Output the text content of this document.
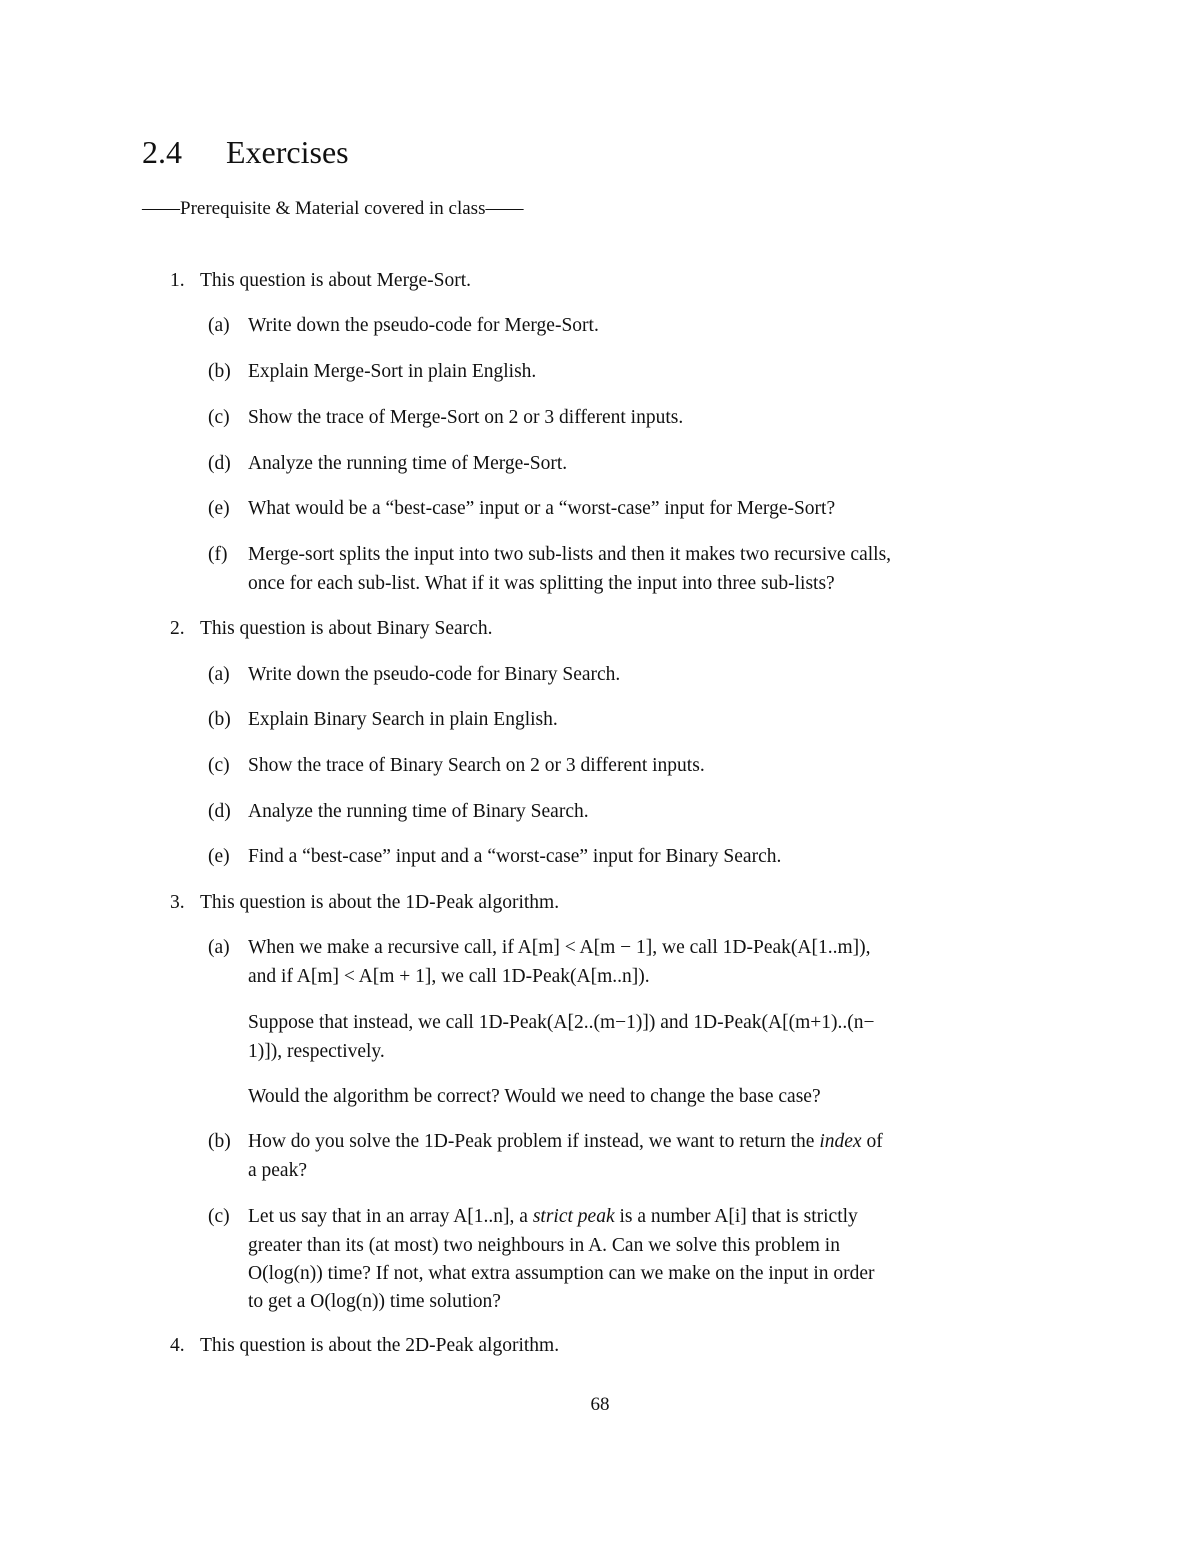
2.4 Exercises
——Prerequisite & Material covered in class——
1. This question is about Merge-Sort.
(a) Write down the pseudo-code for Merge-Sort.
(b) Explain Merge-Sort in plain English.
(c) Show the trace of Merge-Sort on 2 or 3 different inputs.
(d) Analyze the running time of Merge-Sort.
(e) What would be a “best-case” input or a “worst-case” input for Merge-Sort?
(f) Merge-sort splits the input into two sub-lists and then it makes two recursive calls,
once for each sub-list. What if it was splitting the input into three sub-lists?
2. This question is about Binary Search.
(a) Write down the pseudo-code for Binary Search.
(b) Explain Binary Search in plain English.
(c) Show the trace of Binary Search on 2 or 3 different inputs.
(d) Analyze the running time of Binary Search.
(e) Find a “best-case” input and a “worst-case” input for Binary Search.
3. This question is about the 1D-Peak algorithm.
(a) When we make a recursive call, if A[m] < A[m − 1], we call 1D-Peak(A[1..m]),
and if A[m] < A[m + 1], we call 1D-Peak(A[m..n]).
Suppose that instead, we call 1D-Peak(A[2..(m−1)]) and 1D-Peak(A[(m+1)..(n−
1)]), respectively.
Would the algorithm be correct? Would we need to change the base case?
(b) How do you solve the 1D-Peak problem if instead, we want to return the index of
a peak?
(c) Let us say that in an array A[1..n], a strict peak is a number A[i] that is strictly
greater than its (at most) two neighbours in A. Can we solve this problem in
O(log(n)) time? If not, what extra assumption can we make on the input in order
to get a O(log(n)) time solution?
4. This question is about the 2D-Peak algorithm.
68
